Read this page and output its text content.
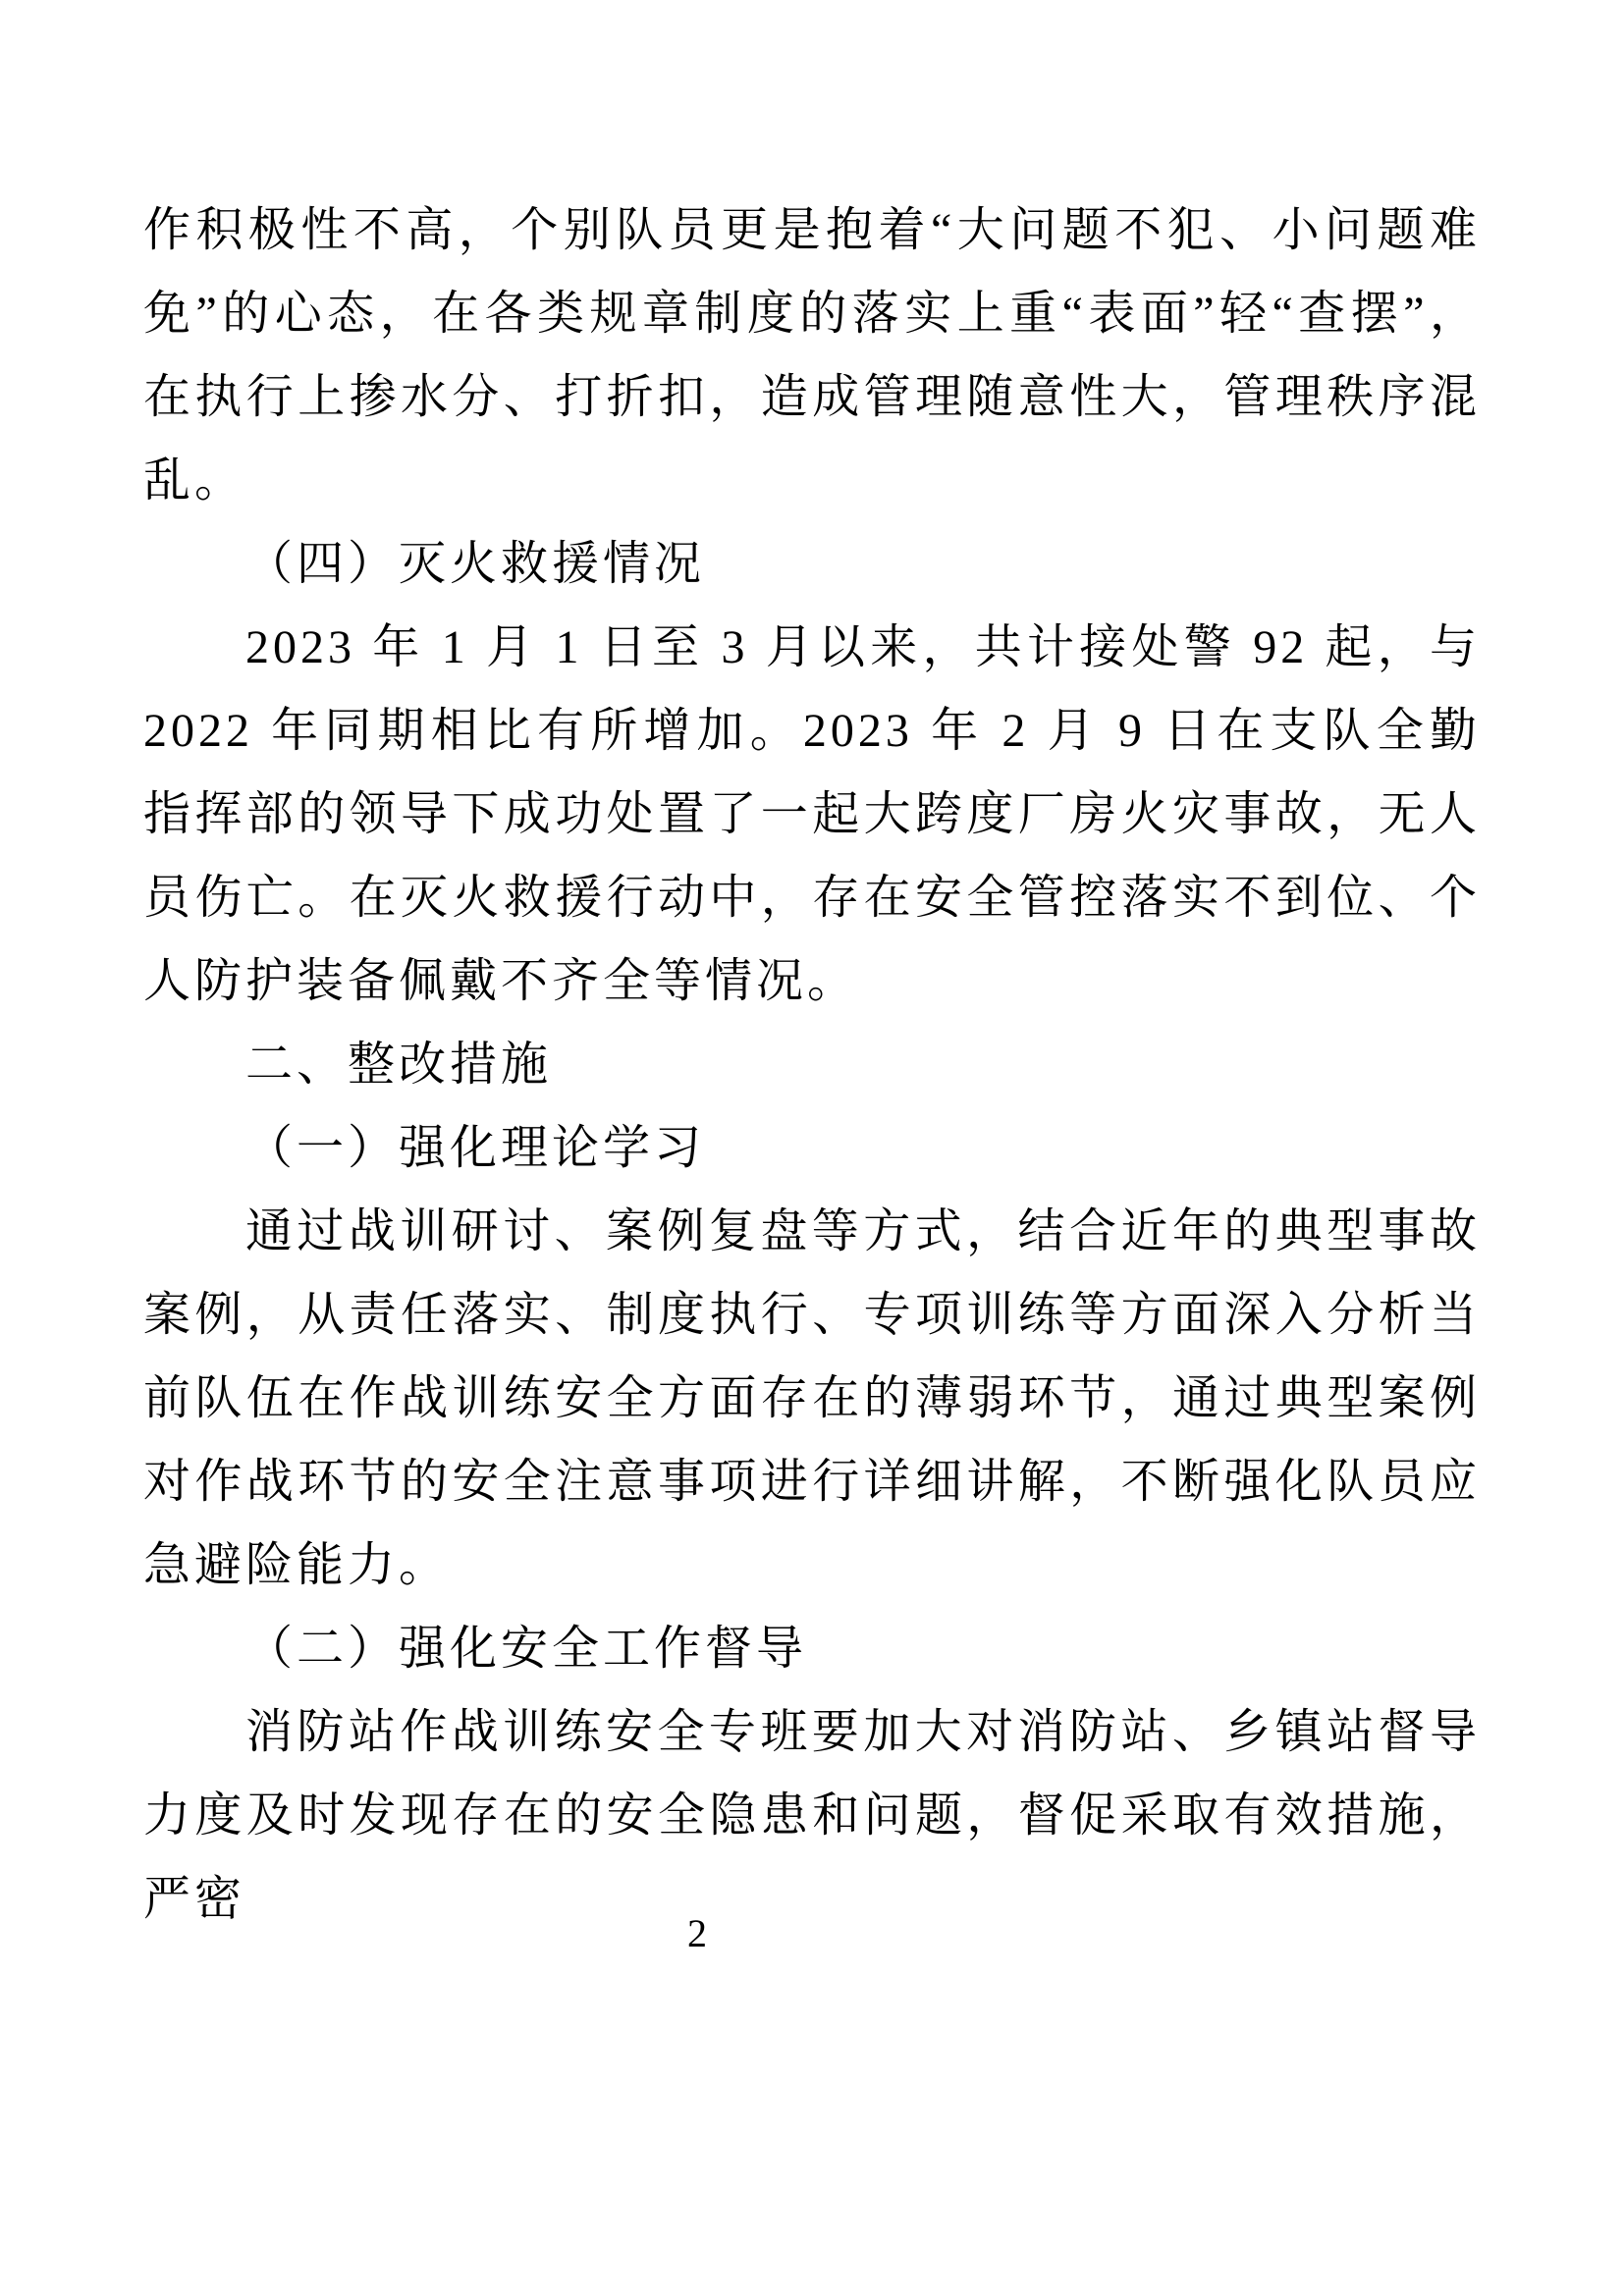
作积极性不高，个别队员更是抱着“大问题不犯、小问题难免”的心态，在各类规章制度的落实上重“表面”轻“查摆”，在执行上掺水分、打折扣，造成管理随意性大，管理秩序混乱。

（四）灭火救援情况

2023 年 1 月 1 日至 3 月以来，共计接处警 92 起，与 2022 年同期相比有所增加。2023 年 2 月 9 日在支队全勤指挥部的领导下成功处置了一起大跨度厂房火灾事故，无人员伤亡。在灭火救援行动中，存在安全管控落实不到位、个人防护装备佩戴不齐全等情况。

二、整改措施

（一）强化理论学习

通过战训研讨、案例复盘等方式，结合近年的典型事故案例，从责任落实、制度执行、专项训练等方面深入分析当前队伍在作战训练安全方面存在的薄弱环节，通过典型案例对作战环节的安全注意事项进行详细讲解，不断强化队员应急避险能力。

（二）强化安全工作督导

消防站作战训练安全专班要加大对消防站、乡镇站督导力度及时发现存在的安全隐患和问题，督促采取有效措施，严密

2
